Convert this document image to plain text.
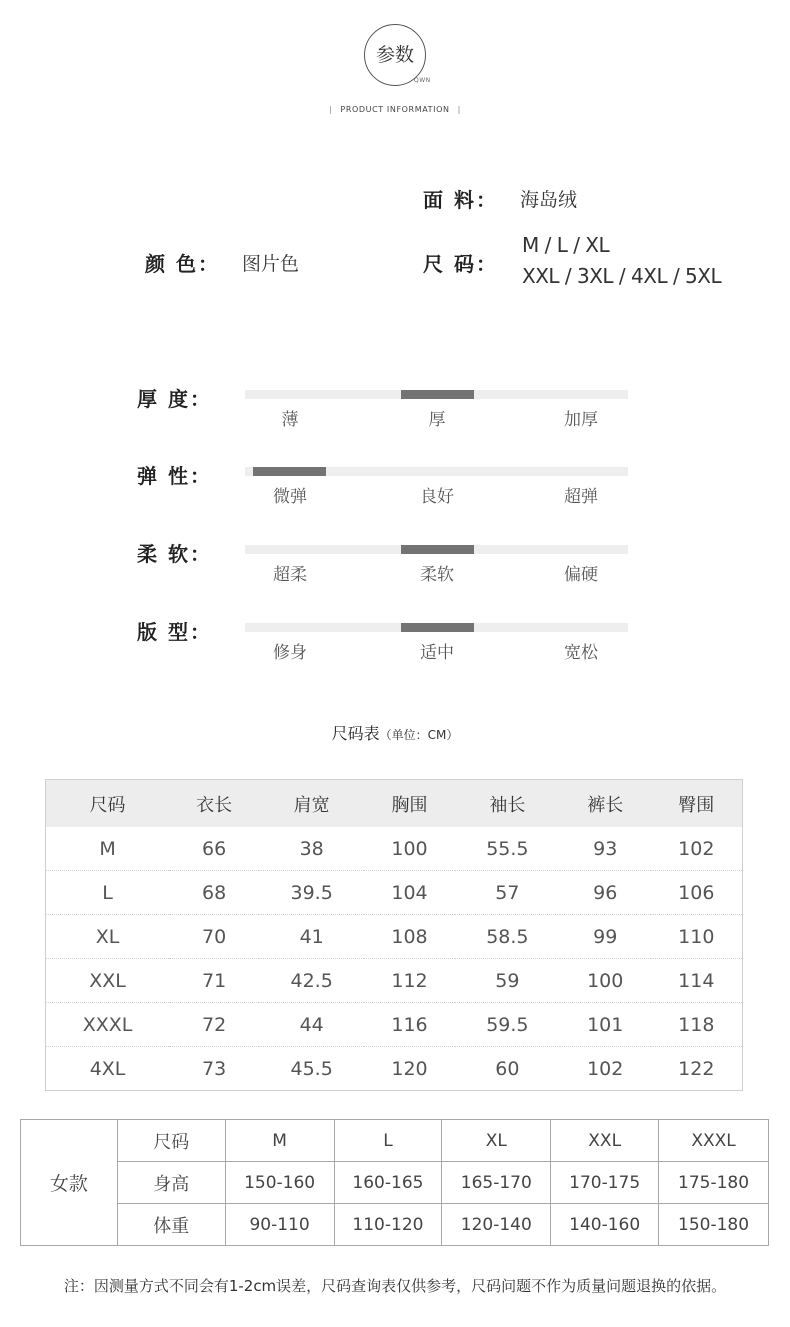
参数
QWN
| PRODUCT INFORMATION |
面 料： 海岛绒
颜 色： 图片色	尺 码：
M / L / XL
XXL / 3XL / 4XL / 5XL
厚 度：
薄	厚	加厚
弹 性：
微弹	良好	超弹
柔 软：
超柔	柔软	偏硬
版 型：
修身	适中	宽松
尺码表（单位：CM）
尺码	衣长	肩宽	胸围	袖长	裤长	臀围
M	66	38	100	55.5	93	102
L	68	39.5	104	57	96	106
XL	70	41	108	58.5	99	110
XXL	71	42.5	112	59	100	114
XXXL	72	44	116	59.5	101	118
4XL	73	45.5	120	60	102	122
女款	尺码	M	L	XL	XXL	XXXL
	身高	150-160	160-165	165-170	170-175	175-180
	体重	90-110	110-120	120-140	140-160	150-180
注：因测量方式不同会有1-2cm误差，尺码查询表仅供参考，尺码问题不作为质量问题退换的依据。
